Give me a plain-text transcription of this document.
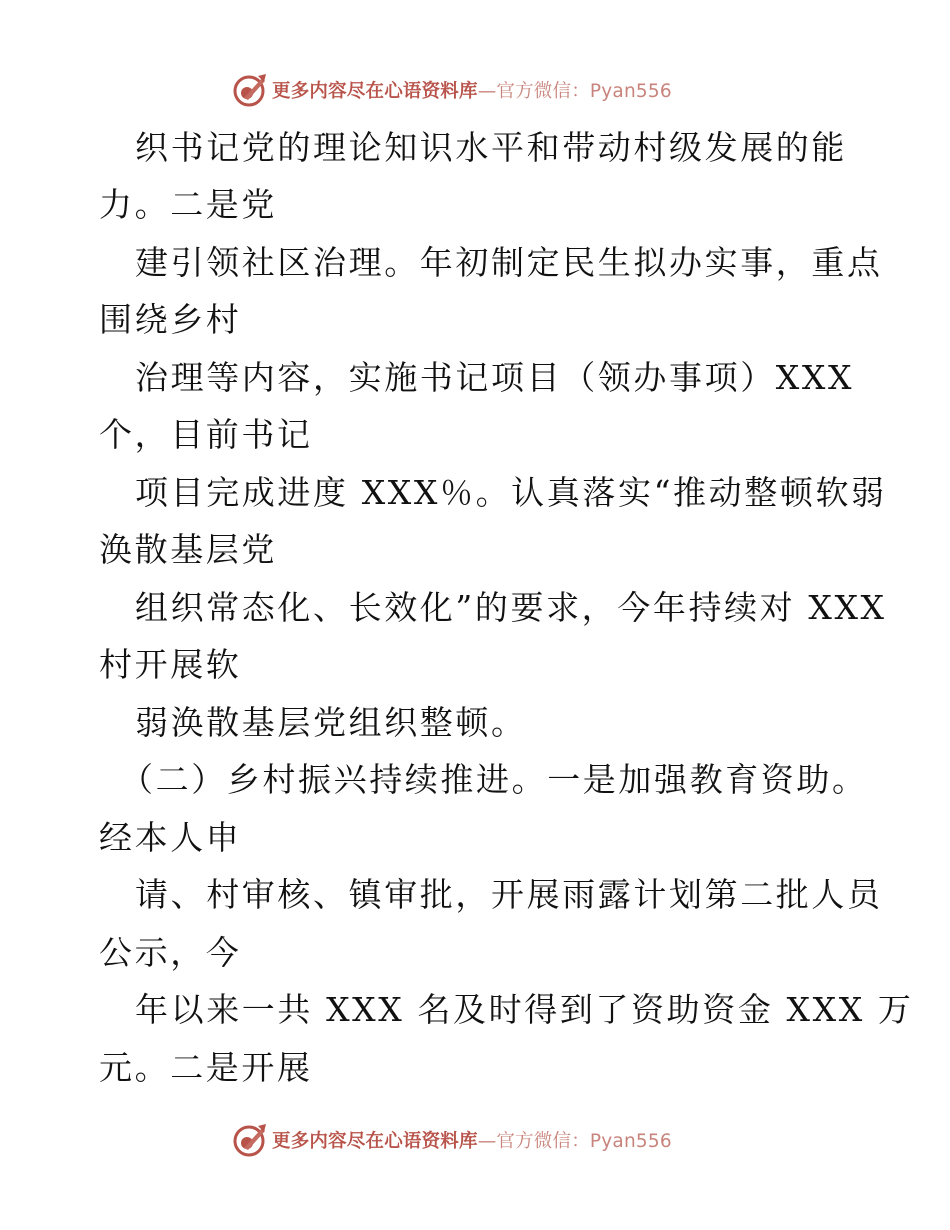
更多内容尽在心语资料库—官方微信：Pyan556
织书记党的理论知识水平和带动村级发展的能
力。二是党
建引领社区治理。年初制定民生拟办实事，重点
围绕乡村
治理等内容，实施书记项目（领办事项）XXX
个，目前书记
项目完成进度 XXX％。认真落实“推动整顿软弱
涣散基层党
组织常态化、长效化”的要求，今年持续对 XXX
村开展软
弱涣散基层党组织整顿。
（二）乡村振兴持续推进。一是加强教育资助。
经本人申
请、村审核、镇审批，开展雨露计划第二批人员
公示，今
年以来一共 XXX 名及时得到了资助资金 XXX 万
元。二是开展
更多内容尽在心语资料库—官方微信：Pyan556
